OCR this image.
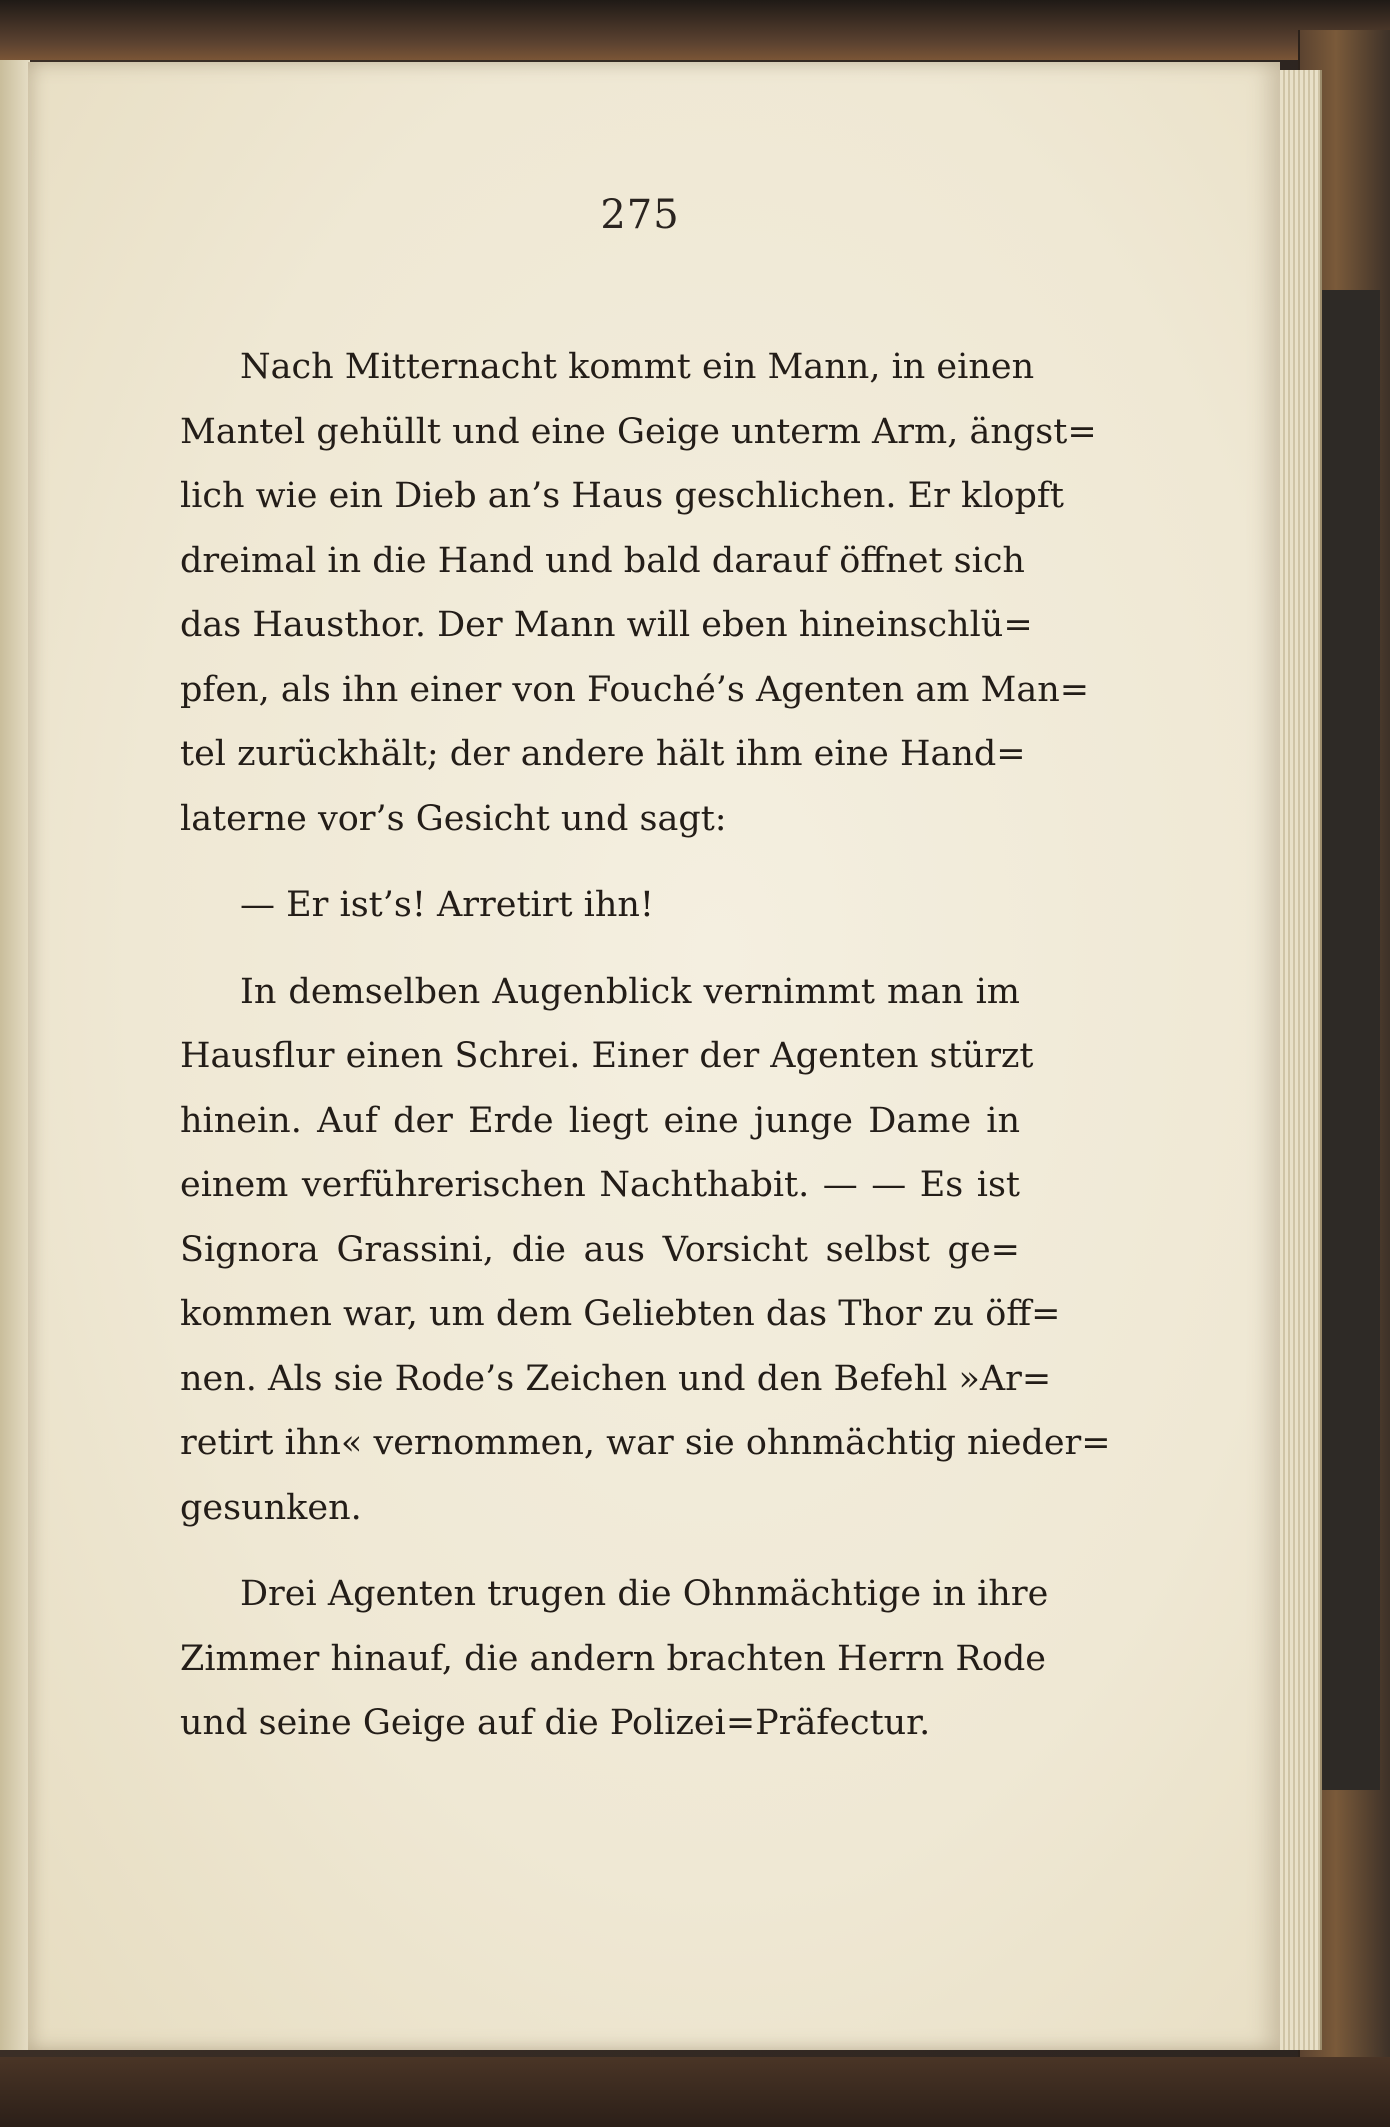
275
Nach Mitternacht kommt ein Mann, in einen
Mantel gehüllt und eine Geige unterm Arm, ängst=
lich wie ein Dieb an’s Haus geschlichen. Er klopft
dreimal in die Hand und bald darauf öffnet sich
das Hausthor. Der Mann will eben hineinschlü=
pfen, als ihn einer von Fouché’s Agenten am Man=
tel zurückhält; der andere hält ihm eine Hand=
laterne vor’s Gesicht und sagt:
— Er ist’s! Arretirt ihn!
In demselben Augenblick vernimmt man im
Hausflur einen Schrei. Einer der Agenten stürzt
hinein. Auf der Erde liegt eine junge Dame in
einem verführerischen Nachthabit. — — Es ist
Signora Grassini, die aus Vorsicht selbst ge=
kommen war, um dem Geliebten das Thor zu öff=
nen. Als sie Rode’s Zeichen und den Befehl »Ar=
retirt ihn« vernommen, war sie ohnmächtig nieder=
gesunken.
Drei Agenten trugen die Ohnmächtige in ihre
Zimmer hinauf, die andern brachten Herrn Rode
und seine Geige auf die Polizei=Präfectur.
